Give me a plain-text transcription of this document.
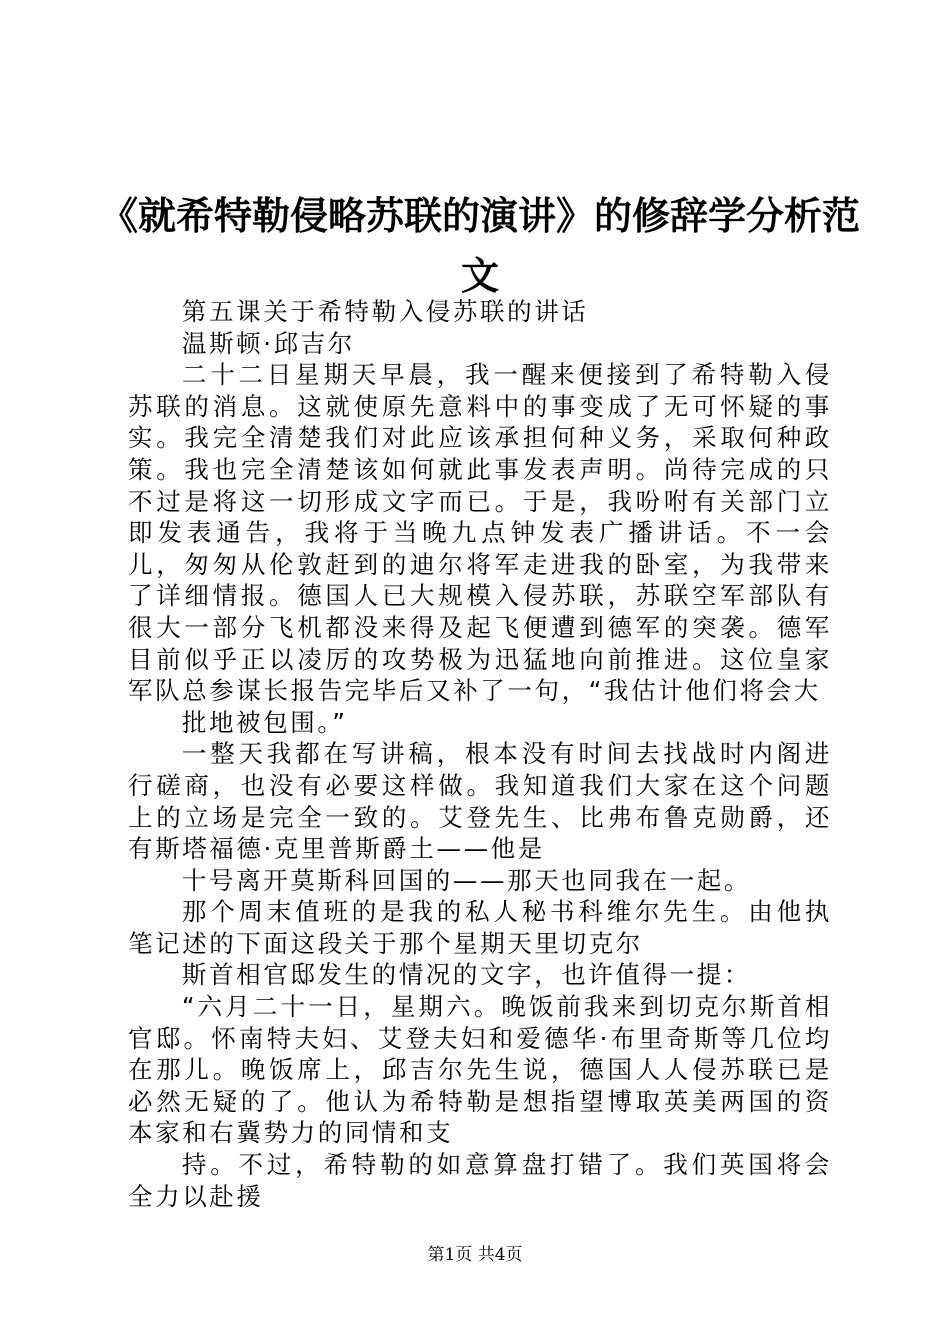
《就希特勒侵略苏联的演讲》的修辞学分析范文

第五课关于希特勒入侵苏联的讲话

温斯顿·邱吉尔

二十二日星期天早晨，我一醒来便接到了希特勒入侵苏联的消息。这就使原先意料中的事变成了无可怀疑的事实。我完全清楚我们对此应该承担何种义务，采取何种政策。我也完全清楚该如何就此事发表声明。尚待完成的只不过是将这一切形成文字而已。于是，我吩咐有关部门立即发表通告，我将于当晚九点钟发表广播讲话。不一会儿，匆匆从伦敦赶到的迪尔将军走进我的卧室，为我带来了详细情报。德国人已大规模入侵苏联，苏联空军部队有很大一部分飞机都没来得及起飞便遭到德军的突袭。德军目前似乎正以凌厉的攻势极为迅猛地向前推进。这位皇家军队总参谋长报告完毕后又补了一句，“我估计他们将会大

批地被包围。”

一整天我都在写讲稿，根本没有时间去找战时内阁进行磋商，也没有必要这样做。我知道我们大家在这个问题上的立场是完全一致的。艾登先生、比弗布鲁克勋爵，还有斯塔福德·克里普斯爵土——他是

十号离开莫斯科回国的——那天也同我在一起。

那个周末值班的是我的私人秘书科维尔先生。由他执笔记述的下面这段关于那个星期天里切克尔

斯首相官邸发生的情况的文字，也许值得一提：

“六月二十一日，星期六。晚饭前我来到切克尔斯首相官邸。怀南特夫妇、艾登夫妇和爱德华·布里奇斯等几位均在那儿。晚饭席上，邱吉尔先生说，德国人人侵苏联已是必然无疑的了。他认为希特勒是想指望博取英美两国的资本家和右冀势力的同情和支

持。不过，希特勒的如意算盘打错了。我们英国将会全力以赴援

第1页 共4页
